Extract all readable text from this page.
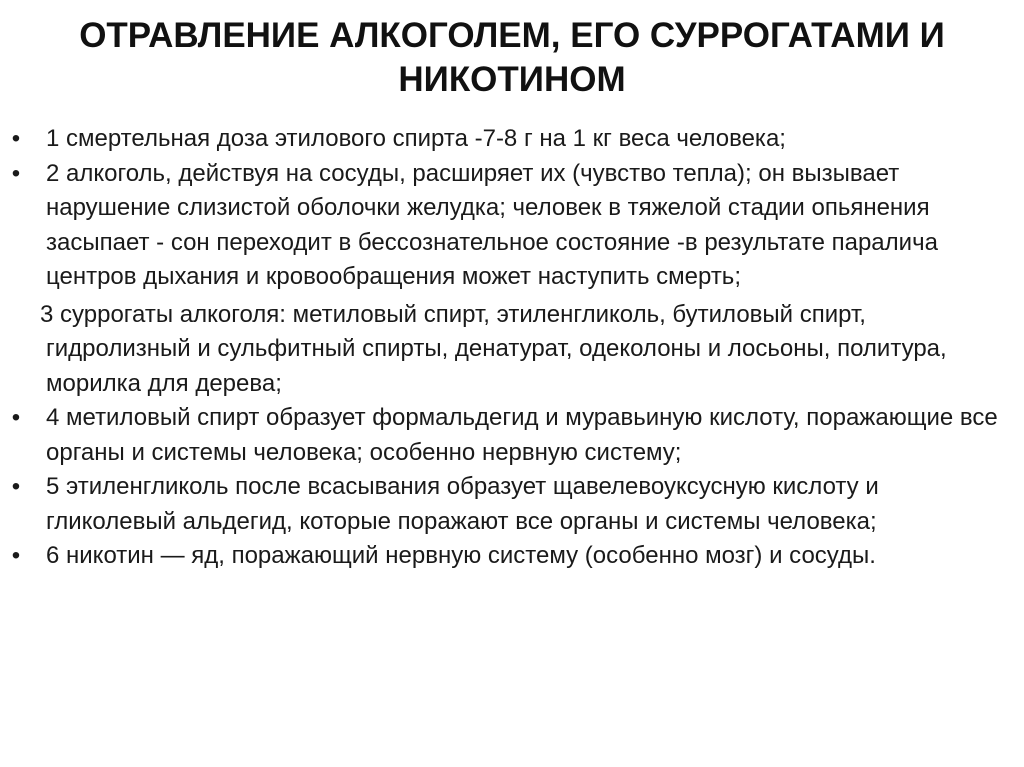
ОТРАВЛЕНИЕ АЛКОГОЛЕМ, ЕГО СУРРОГАТАМИ И
НИКОТИНОМ
• 1 смертельная доза этилового спирта -7-8 г на 1 кг веса человека;
• 2 алкоголь, действуя на сосуды, расширяет их (чувство тепла); он вызывает нарушение слизистой оболочки желудка; человек в тяжелой стадии опьянения засыпает - сон переходит в бессознательное состояние -в результате паралича центров дыхания и кровообращения может наступить смерть;
3 суррогаты алкоголя: метиловый спирт, этиленгликоль, бутиловый спирт, гидролизный и сульфитный спирты, денатурат, одеколоны и лосьоны, политура, морилка для дерева;
• 4 метиловый спирт образует формальдегид и муравьиную кислоту, поражающие все органы и системы человека; особенно нервную систему;
• 5 этиленгликоль после всасывания образует щавелевоуксусную кислоту и гликолевый альдегид, которые поражают все органы и системы человека;
• 6 никотин — яд, поражающий нервную систему (особенно мозг) и сосуды.
